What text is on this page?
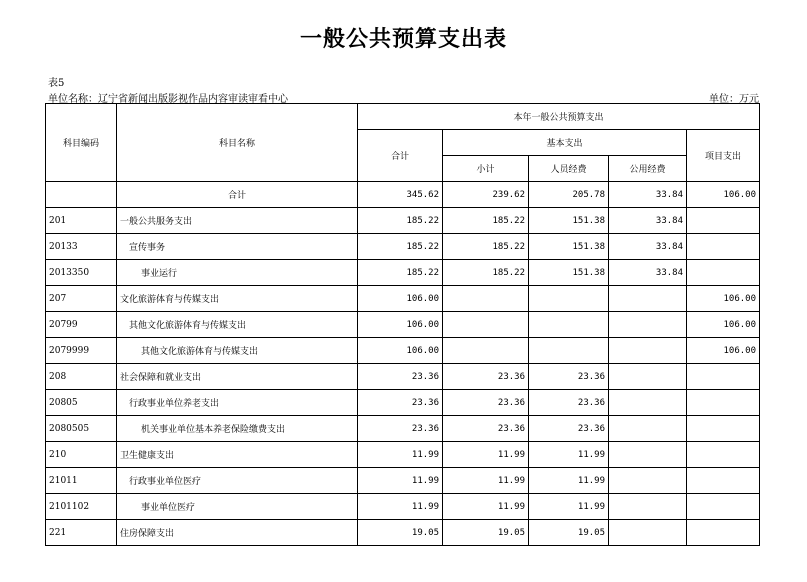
一般公共预算支出表
表5
单位名称：辽宁省新闻出版影视作品内容审读审看中心	单位：万元
科目编码	科目名称	本年一般公共预算支出				
		合计	基本支出			项目支出
			小计	人员经费	公用经费	
	合计	345.62	239.62	205.78	33.84	106.00
201	一般公共服务支出	185.22	185.22	151.38	33.84	
20133	宣传事务	185.22	185.22	151.38	33.84	
2013350	事业运行	185.22	185.22	151.38	33.84	
207	文化旅游体育与传媒支出	106.00				106.00
20799	其他文化旅游体育与传媒支出	106.00				106.00
2079999	其他文化旅游体育与传媒支出	106.00				106.00
208	社会保障和就业支出	23.36	23.36	23.36		
20805	行政事业单位养老支出	23.36	23.36	23.36		
2080505	机关事业单位基本养老保险缴费支出	23.36	23.36	23.36		
210	卫生健康支出	11.99	11.99	11.99		
21011	行政事业单位医疗	11.99	11.99	11.99		
2101102	事业单位医疗	11.99	11.99	11.99		
221	住房保障支出	19.05	19.05	19.05		
